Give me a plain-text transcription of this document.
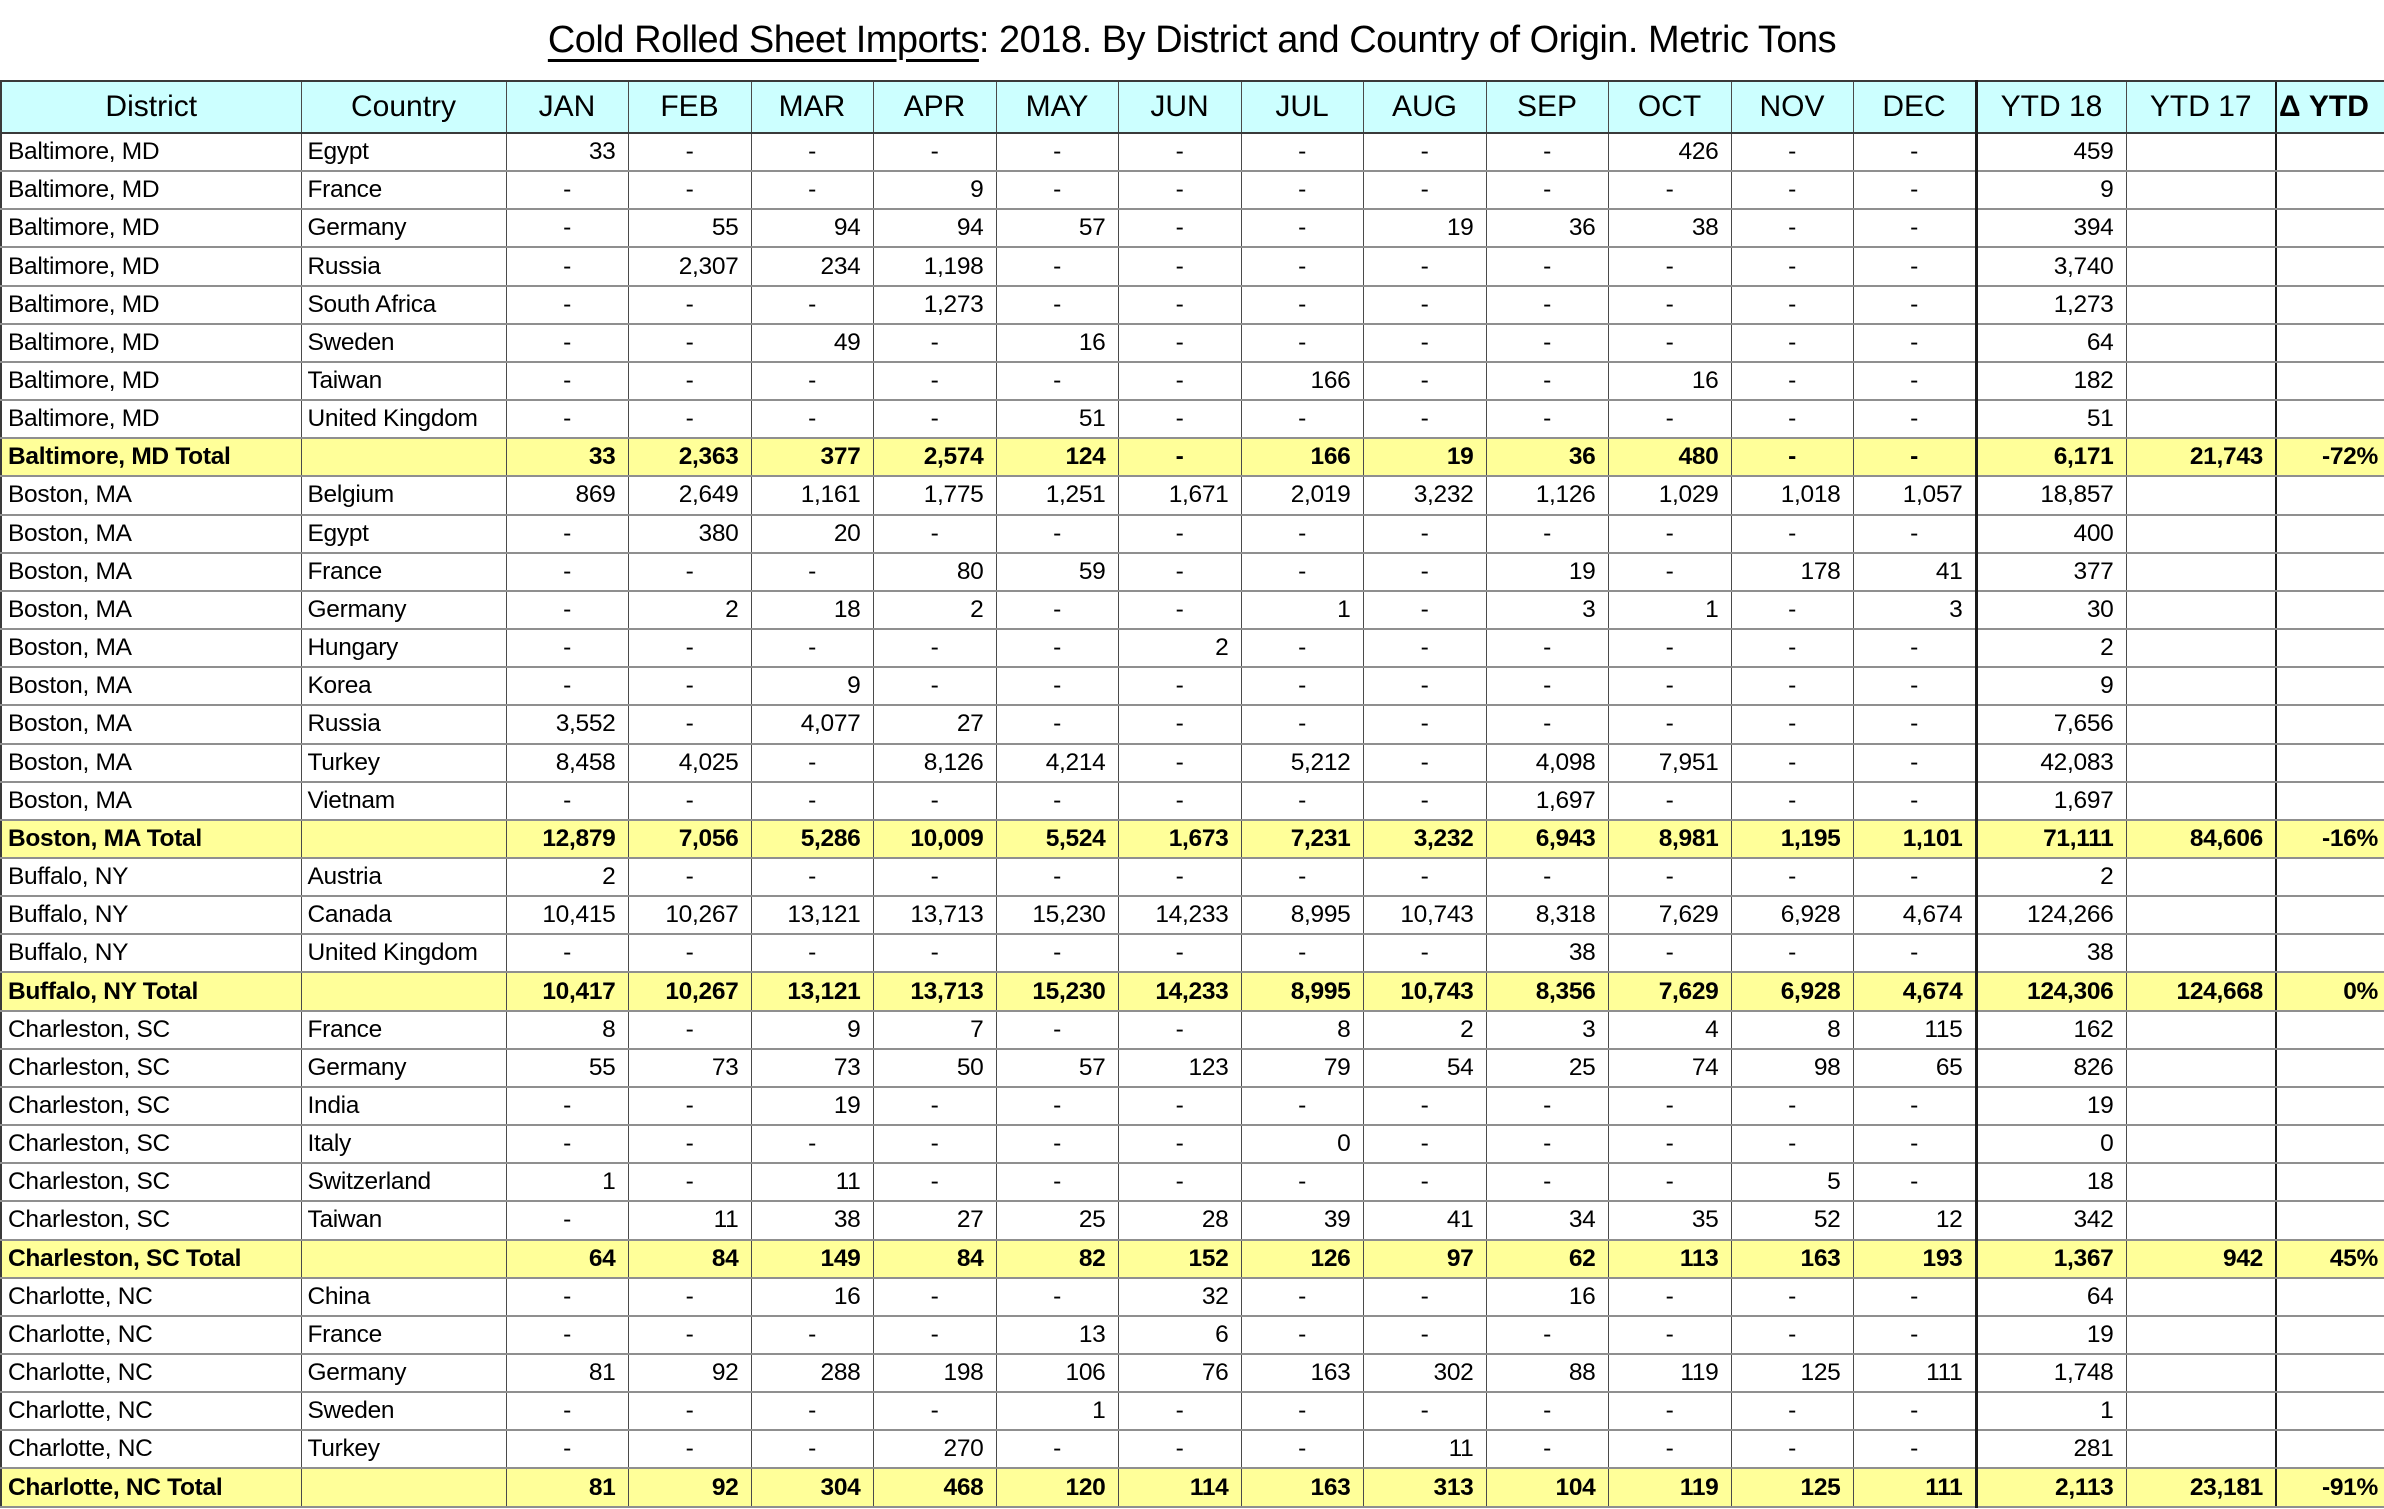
Cold Rolled Sheet Imports : 2018. By District and Country of Origin. Metric Tons
District	Country	JAN	FEB	MAR	APR	MAY	JUN	JUL	AUG	SEP	OCT	NOV	DEC	YTD 18	YTD 17	Δ YTD
Baltimore, MD	Egypt	33	-	-	-	-	-	-	-	-	426	-	-	459		
Baltimore, MD	France	-	-	-	9	-	-	-	-	-	-	-	-	9		
Baltimore, MD	Germany	-	55	94	94	57	-	-	19	36	38	-	-	394		
Baltimore, MD	Russia	-	2,307	234	1,198	-	-	-	-	-	-	-	-	3,740		
Baltimore, MD	South Africa	-	-	-	1,273	-	-	-	-	-	-	-	-	1,273		
Baltimore, MD	Sweden	-	-	49	-	16	-	-	-	-	-	-	-	64		
Baltimore, MD	Taiwan	-	-	-	-	-	-	166	-	-	16	-	-	182		
Baltimore, MD	United Kingdom	-	-	-	-	51	-	-	-	-	-	-	-	51		
Baltimore, MD Total		33	2,363	377	2,574	124	-	166	19	36	480	-	-	6,171	21,743	-72%
Boston, MA	Belgium	869	2,649	1,161	1,775	1,251	1,671	2,019	3,232	1,126	1,029	1,018	1,057	18,857		
Boston, MA	Egypt	-	380	20	-	-	-	-	-	-	-	-	-	400		
Boston, MA	France	-	-	-	80	59	-	-	-	19	-	178	41	377		
Boston, MA	Germany	-	2	18	2	-	-	1	-	3	1	-	3	30		
Boston, MA	Hungary	-	-	-	-	-	2	-	-	-	-	-	-	2		
Boston, MA	Korea	-	-	9	-	-	-	-	-	-	-	-	-	9		
Boston, MA	Russia	3,552	-	4,077	27	-	-	-	-	-	-	-	-	7,656		
Boston, MA	Turkey	8,458	4,025	-	8,126	4,214	-	5,212	-	4,098	7,951	-	-	42,083		
Boston, MA	Vietnam	-	-	-	-	-	-	-	-	1,697	-	-	-	1,697		
Boston, MA Total		12,879	7,056	5,286	10,009	5,524	1,673	7,231	3,232	6,943	8,981	1,195	1,101	71,111	84,606	-16%
Buffalo, NY	Austria	2	-	-	-	-	-	-	-	-	-	-	-	2		
Buffalo, NY	Canada	10,415	10,267	13,121	13,713	15,230	14,233	8,995	10,743	8,318	7,629	6,928	4,674	124,266		
Buffalo, NY	United Kingdom	-	-	-	-	-	-	-	-	38	-	-	-	38		
Buffalo, NY Total		10,417	10,267	13,121	13,713	15,230	14,233	8,995	10,743	8,356	7,629	6,928	4,674	124,306	124,668	0%
Charleston, SC	France	8	-	9	7	-	-	8	2	3	4	8	115	162		
Charleston, SC	Germany	55	73	73	50	57	123	79	54	25	74	98	65	826		
Charleston, SC	India	-	-	19	-	-	-	-	-	-	-	-	-	19		
Charleston, SC	Italy	-	-	-	-	-	-	0	-	-	-	-	-	0		
Charleston, SC	Switzerland	1	-	11	-	-	-	-	-	-	-	5	-	18		
Charleston, SC	Taiwan	-	11	38	27	25	28	39	41	34	35	52	12	342		
Charleston, SC Total		64	84	149	84	82	152	126	97	62	113	163	193	1,367	942	45%
Charlotte, NC	China	-	-	16	-	-	32	-	-	16	-	-	-	64		
Charlotte, NC	France	-	-	-	-	13	6	-	-	-	-	-	-	19		
Charlotte, NC	Germany	81	92	288	198	106	76	163	302	88	119	125	111	1,748		
Charlotte, NC	Sweden	-	-	-	-	1	-	-	-	-	-	-	-	1		
Charlotte, NC	Turkey	-	-	-	270	-	-	-	11	-	-	-	-	281		
Charlotte, NC Total		81	92	304	468	120	114	163	313	104	119	125	111	2,113	23,181	-91%
